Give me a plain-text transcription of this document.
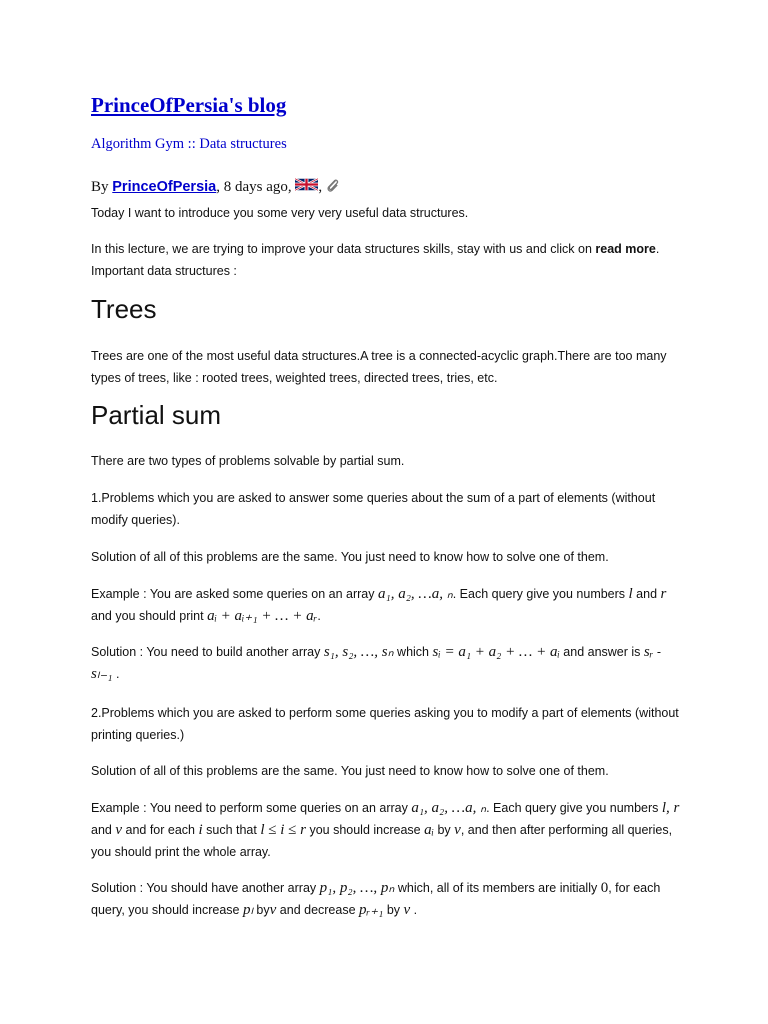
PrinceOfPersia's blog
Algorithm Gym :: Data structures
By PrinceOfPersia, 8 days ago, ,

Today I want to introduce you some very very useful data structures.

In this lecture, we are trying to improve your data structures skills, stay with us and click on read more. Important data structures :

Trees

Trees are one of the most useful data structures.A tree is a connected-acyclic graph.There are too many types of trees, like : rooted trees, weighted trees, directed trees, tries, etc.

Partial sum

There are two types of problems solvable by partial sum.

1.Problems which you are asked to answer some queries about the sum of a part of elements (without modify queries).

Solution of all of this problems are the same. You just need to know how to solve one of them.

Example : You are asked some queries on an array a₁, a₂, …a, ₙ. Each query give you numbers l and r and you should print aᵢ + aᵢ₊₁ + … + aᵣ.

Solution : You need to build another array s₁, s₂, …, sₙ which sᵢ = a₁ + a₂ + … + aᵢ and answer is sᵣ - sₗ₋₁ .

2.Problems which you are asked to perform some queries asking you to modify a part of elements (without printing queries.)

Solution of all of this problems are the same. You just need to know how to solve one of them.

Example : You need to perform some queries on an array a₁, a₂, …a, ₙ. Each query give you numbers l, r and v and for each i such that l ≤ i ≤ r you should increase aᵢ by v, and then after performing all queries, you should print the whole array.

Solution : You should have another array p₁, p₂, …, pₙ which, all of its members are initially 0, for each query, you should increase pₗ byv and decrease pᵣ₊₁ by v .
